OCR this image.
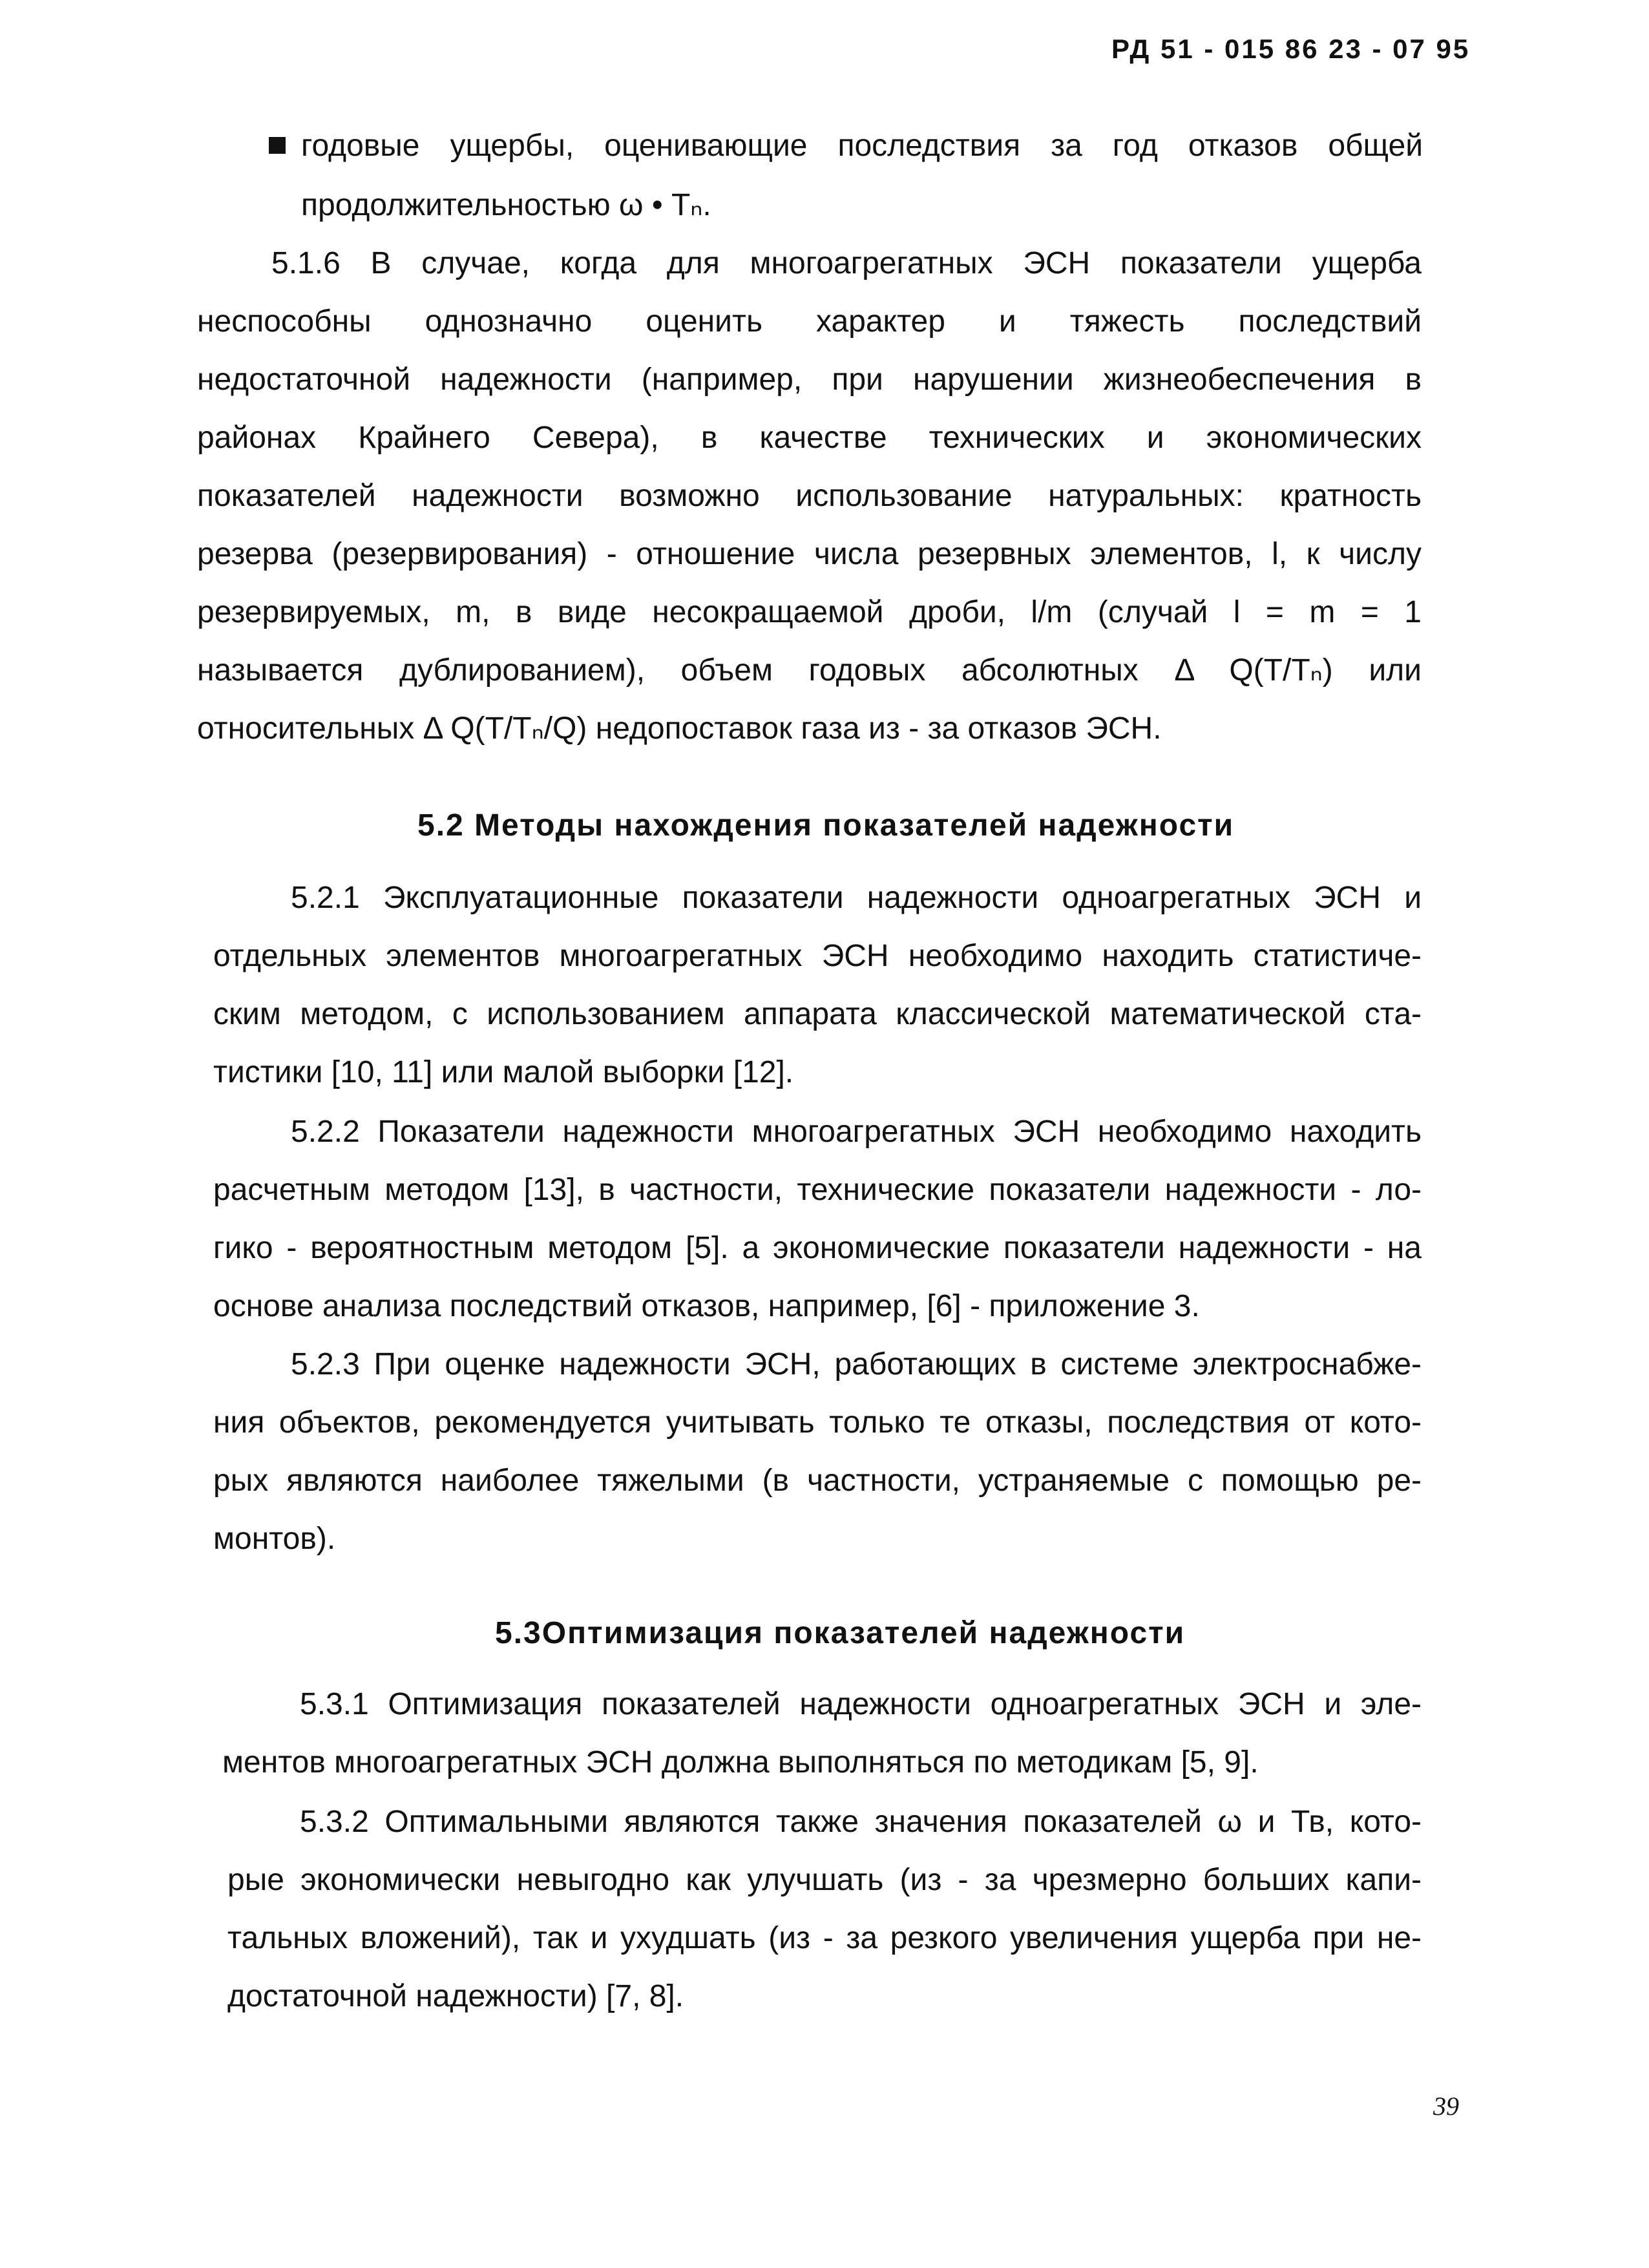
РД 51 - 015 86 23 - 07 95
годовые ущербы, оценивающие последствия за год отказов общей
продолжительностью ω • Тₙ.
5.1.6 В случае, когда для многоагрегатных ЭСН показатели ущерба
неспособны однозначно оценить характер и тяжесть последствий
недостаточной надежности (например, при нарушении жизнеобеспечения в
районах Крайнего Севера), в качестве технических и экономических
показателей надежности возможно использование натуральных: кратность
резерва (резервирования) - отношение числа резервных элементов, l, к числу
резервируемых, m, в виде несокращаемой дроби, l/m (случай l = m = 1
называется дублированием), объем годовых абсолютных Δ Q(T/Tₙ) или
относительных Δ Q(T/Tₙ/Q) недопоставок газа из - за отказов ЭСН.
5.2 Методы нахождения показателей надежности
5.2.1 Эксплуатационные показатели надежности одноагрегатных ЭСН и
отдельных элементов многоагрегатных ЭСН необходимо находить статистиче-
ским методом, с использованием аппарата классической математической ста-
тистики [10, 11] или малой выборки [12].
5.2.2 Показатели надежности многоагрегатных ЭСН необходимо находить
расчетным методом [13], в частности, технические показатели надежности - ло-
гико - вероятностным методом [5]. а экономические показатели надежности - на
основе анализа последствий отказов, например, [6] - приложение 3.
5.2.3 При оценке надежности ЭСН, работающих в системе электроснабже-
ния объектов, рекомендуется учитывать только те отказы, последствия от кото-
рых являются наиболее тяжелыми (в частности, устраняемые с помощью ре-
монтов).
5.3Оптимизация показателей надежности
5.3.1 Оптимизация показателей надежности одноагрегатных ЭСН и эле-
ментов многоагрегатных ЭСН должна выполняться по методикам [5, 9].
5.3.2 Оптимальными являются также значения показателей ω и Тв, кото-
рые экономически невыгодно как улучшать (из - за чрезмерно больших капи-
тальных вложений), так и ухудшать (из - за резкого увеличения ущерба при не-
достаточной надежности) [7, 8].
39
